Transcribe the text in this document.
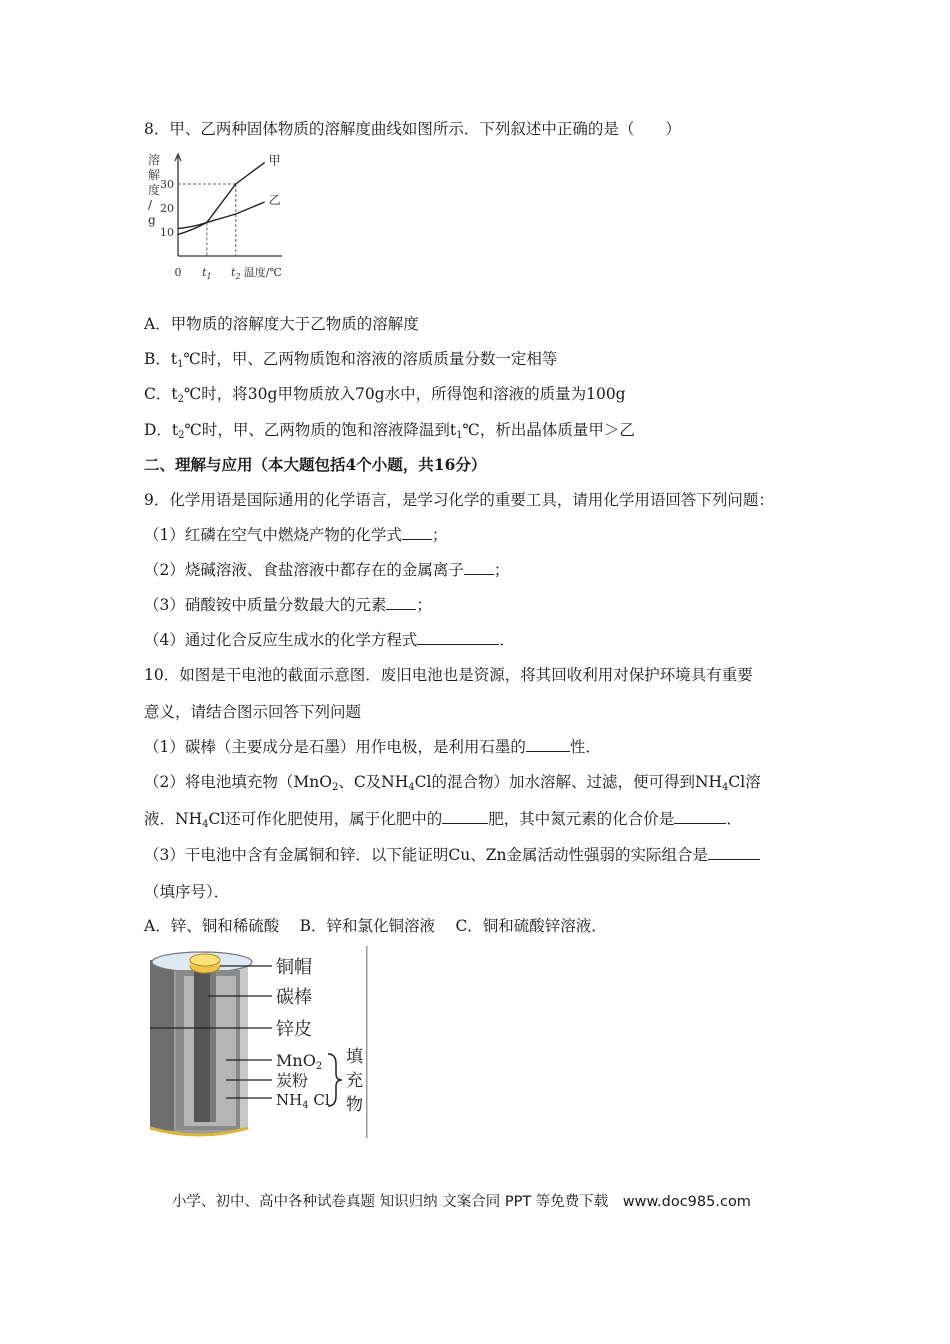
8．甲、乙两种固体物质的溶解度曲线如图所示．下列叙述中正确的是（　　）
溶
解
度
/
g
10
20
30
0 $t_1$ $t_2$ 温度/℃
甲
乙
A．甲物质的溶解度大于乙物质的溶解度
B．$t_1℃$时，甲、乙两物质饱和溶液的溶质质量分数一定相等
C．$t_2℃$时，将30g甲物质放入70g水中，所得饱和溶液的质量为100g
D．$t_2℃$时，甲、乙两物质的饱和溶液降温到$t_1℃$，析出晶体质量甲＞乙
二、理解与应用（本大题包括4个小题，共16分）
9．化学用语是国际通用的化学语言，是学习化学的重要工具，请用化学用语回答下列问题：
（1）红磷在空气中燃烧产物的化学式 ；
（2）烧碱溶液、食盐溶液中都存在的金属离子 ；
（3）硝酸铵中质量分数最大的元素 ；
（4）通过化合反应生成水的化学方程式	．
10．如图是干电池的截面示意图．废旧电池也是资源，将其回收利用对保护环境具有重要
意义，请结合图示回答下列问题
（1）碳棒（主要成分是石墨）用作电极，是利用石墨的	性．
（2）将电池填充物（MnO$_2$、C及$NH_4Cl$的混合物）加水溶解、过滤，便可得到$NH_4Cl$溶
液．$NH_4Cl$还可作化肥使用，属于化肥中的	肥，其中氮元素的化合价是	．
（3）干电池中含有金属铜和锌．以下能证明Cu、Zn金属活动性强弱的实际组合是
（填序号）．
A．锌、铜和稀硫酸　 B．锌和氯化铜溶液　 C．铜和硫酸锌溶液．
铜帽
碳棒
锌皮
MnO2
炭粉
$NH_4$ Cl
填
充
物
小学、初中、高中各种试卷真题 知识归纳 文案合同 PPT 等免费下载　www.doc985.com
